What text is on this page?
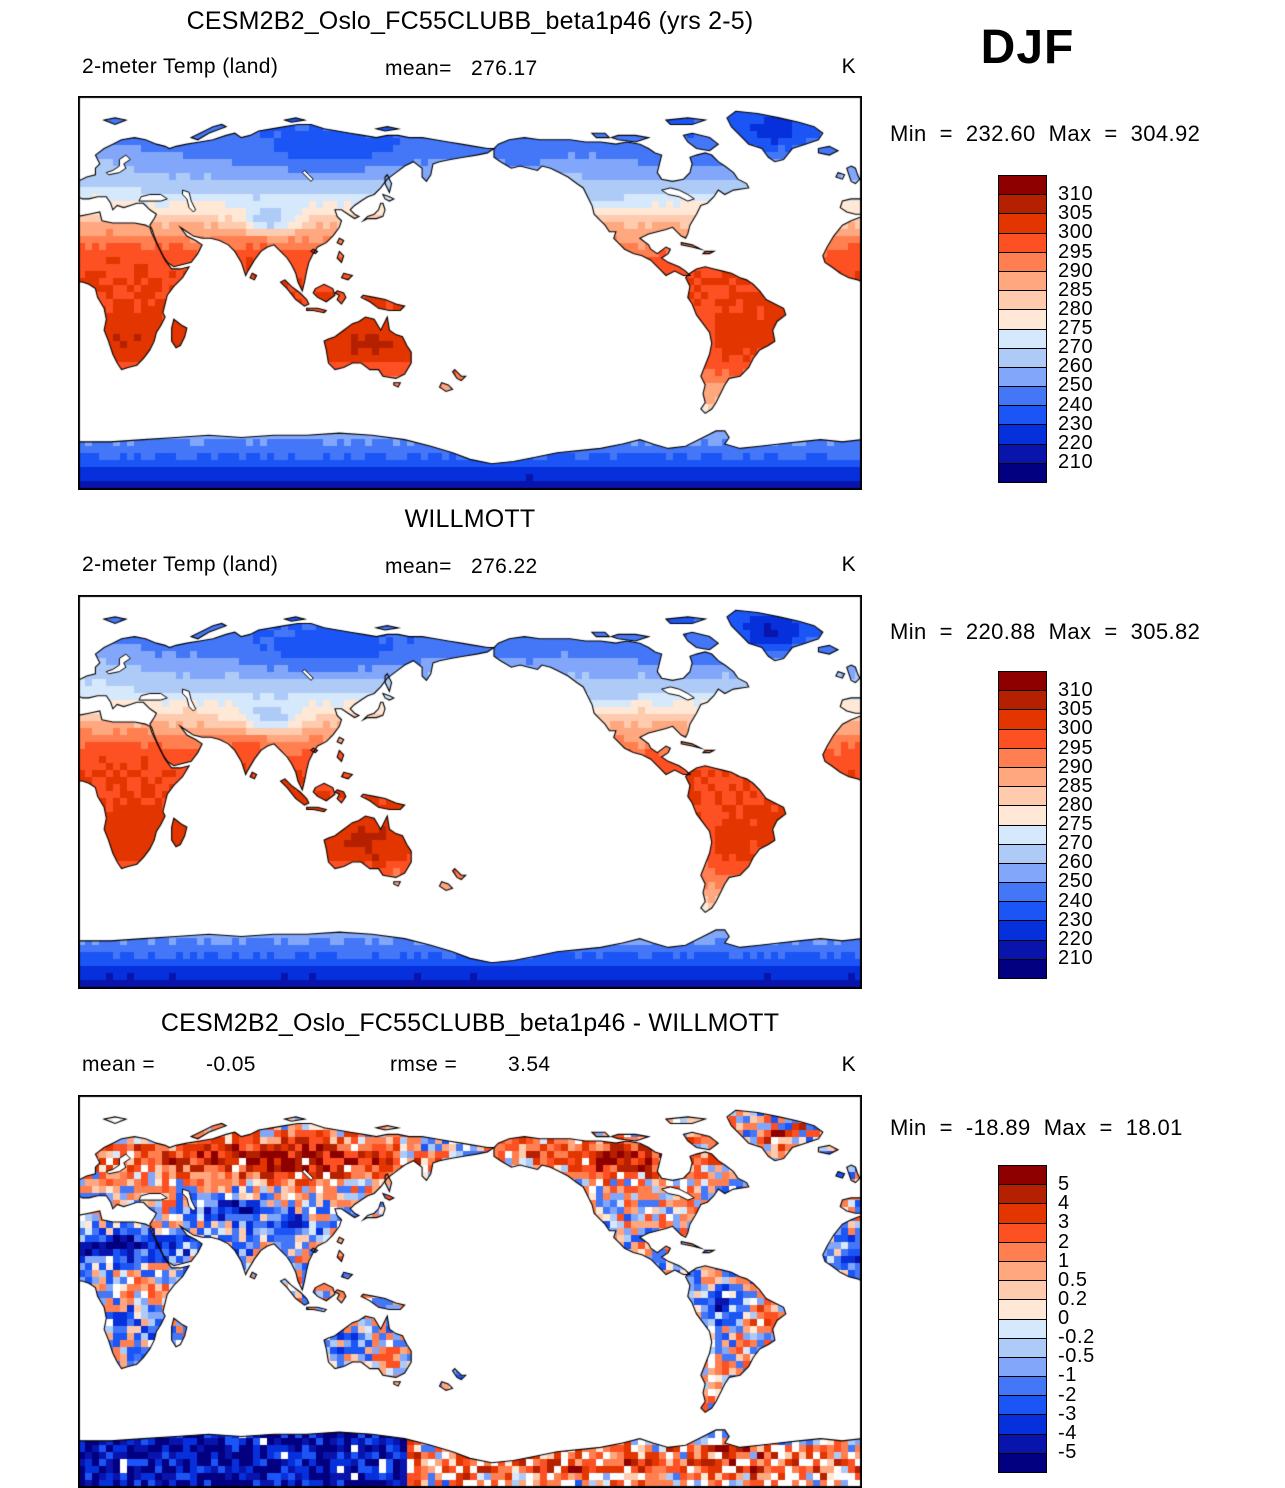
CESM2B2_Oslo_FC55CLUBB_beta1p46 (yrs 2-5)
2-meter Temp (land)	mean= 276.17	K	DJF
Min = 232.60 Max = 304.92
310
305
300
295
290
285
280
275
270
260
250
240
230
220
210
WILLMOTT
2-meter Temp (land)	mean= 276.22	K
Min = 220.88 Max = 305.82
310
305
300
295
290
285
280
275
270
260
250
240
230
220
210
CESM2B2_Oslo_FC55CLUBB_beta1p46 - WILLMOTT
mean = -0.05	rmse = 3.54	K
Min = -18.89 Max = 18.01
5
4
3
2
1
0.5
0.2
0
-0.2
-0.5
-1
-2
-3
-4
-5
